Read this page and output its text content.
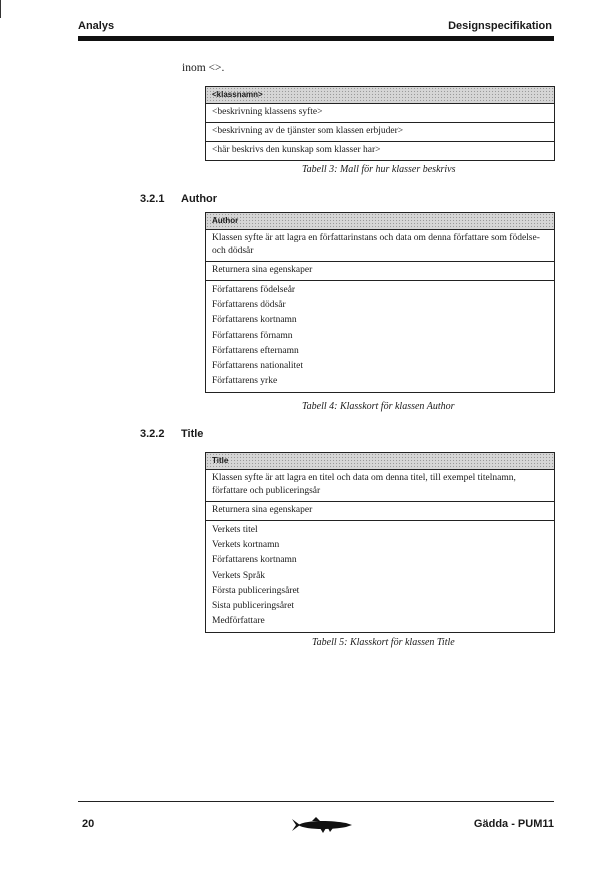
Analys	Designspecifikation
inom <>.
<klassnamn>
<beskrivning klassens syfte>
<beskrivning av de tjänster som klassen erbjuder>
<här beskrivs den kunskap som klasser har>
Tabell 3: Mall för hur klasser beskrivs
3.2.1 Author
Author
Klassen syfte är att lagra en författarinstans och data om denna författare som födelse- och dödsår
Returnera sina egenskaper
Författarens födelseår
Författarens dödsår
Författarens kortnamn
Författarens förnamn
Författarens efternamn
Författarens nationalitet
Författarens yrke
Tabell 4: Klasskort för klassen Author
3.2.2 Title
Title
Klassen syfte är att lagra en titel och data om denna titel, till exempel titelnamn, författare och publiceringsår
Returnera sina egenskaper
Verkets titel
Verkets kortnamn
Författarens kortnamn
Verkets Språk
Första publiceringsåret
Sista publiceringsåret
Medförfattare
Tabell 5: Klasskort för klassen Title
20	Gädda - PUM11
